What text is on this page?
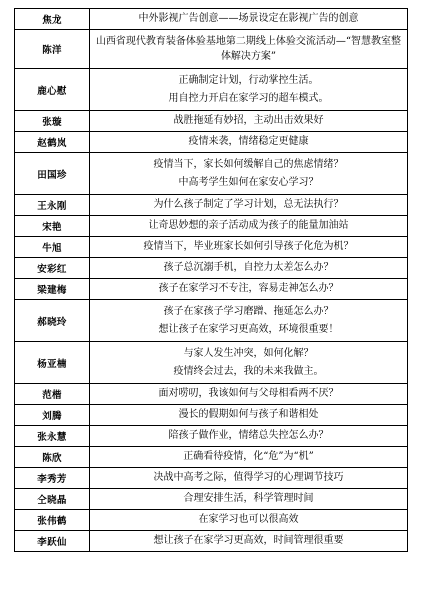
焦龙	中外影视广告创意——场景设定在影视广告的创意

陈洋	山西省现代教育装备体验基地第二期线上体验交流活动—“智慧教室整体解决方案”

鹿心慰	正确制定计划，行动掌控生活。
用自控力开启在家学习的超车模式。

张璇	战胜拖延有妙招，主动出击效果好

赵鹤岚	疫情来袭，情绪稳定更健康

田国珍	疫情当下，家长如何缓解自己的焦虑情绪？
中高考学生如何在家安心学习？

王永刚	为什么孩子制定了学习计划，总无法执行？

宋艳	让奇思妙想的亲子活动成为孩子的能量加油站

牛旭	疫情当下，毕业班家长如何引导孩子化危为机？

安彩红	孩子总沉溺手机，自控力太差怎么办？

梁建梅	孩子在家学习不专注，容易走神怎么办？

郝晓玲	孩子在家孩子学习磨蹭、拖延怎么办？
想让孩子在家学习更高效，环境很重要！

杨亚楠	与家人发生冲突，如何化解？
疫情终会过去，我的未来我做主。

范楷	面对唠叨，我该如何与父母相看两不厌？

刘腾	漫长的假期如何与孩子和谐相处

张永慧	陪孩子做作业，情绪总失控怎么办？

陈欣	正确看待疫情，化“危”为“机”

李秀芳	决战中高考之际，值得学习的心理调节技巧

仝晓晶	合理安排生活，科学管理时间

张伟鹤	在家学习也可以很高效

李跃仙	想让孩子在家学习更高效，时间管理很重要
